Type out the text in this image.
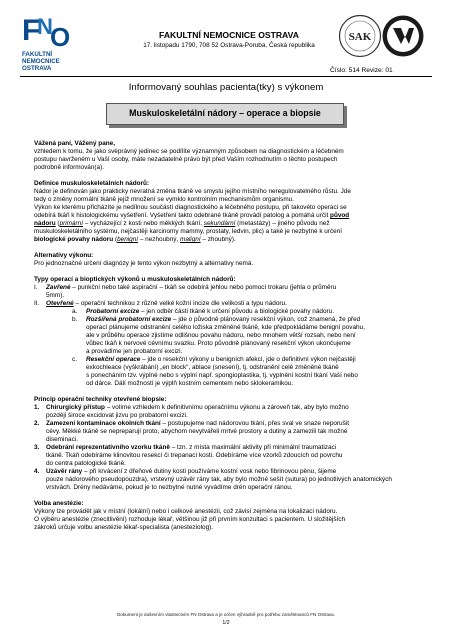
F
N
O
FAKULTNÍ
NEMOCNICE
OSTRAVA
FAKULTNÍ NEMOCNICE OSTRAVA
17. listopadu 1790, 708 52 Ostrava-Poruba, Česká republika
SAK
Číslo: 514 Revize: 01
Informovaný souhlas pacienta(tky) s výkonem
Muskuloskeletální nádory – operace a biopsie
Vážená paní, Vážený pane,
vzhledem k tomu, že jako svéprávný jedinec se podílíte významným způsobem na diagnostickém a léčebném
postupu navrženém u Vaší osoby, máte nezadatelné právo být před Vaším rozhodnutím o těchto postupech
podrobně informován(a).
Definice muskuloskeletálních nádorů:
Nádor je definován jako prakticky nevratná změna tkáně ve smyslu jejího místního neregulovatelného růstu. Jde
tedy o změny normální tkáně jejíž množení se vymklo kontrolním mechanismům organismu.
Výkon ke kterému přicházíte je nedílnou součástí diagnostického a léčebného postupu, při takovéto operaci se
odebírá tkáň k histologickému vyšetření. Vyšetření takto odebrané tkáně provádí patolog a pomáhá určit původ
nádoru (primární – vycházející z kosti nebo měkkých tkání, sekundární (metastázy) – jiného původu než
muskuloskeletálního systému, nejčastěji karcinomy mammy, prostaty, ledvin, plic) a také je nezbytné k určení
biologické povahy nádoru (benigní – nezhoubný, maligní – zhoubný).
Alternativy výkonu:
Pro jednoznačné určení diagnózy je tento výkon nezbytný a alternativy nemá.
Typy operací a bioptických výkonů u muskuloskeletálních nádorů:
I.	Zavřené – punkční nebo také aspirační – tkáň se odebírá jehlou nebo pomocí trokaru (jehla o průměru
5mm).
II.	Otevřené – operační technikou z různě velké kožní incize dle velikosti a typu nádoru.
a.	Probatorní excize – jen odběr části tkáně k určení původu a biologické povahy nádoru.
b.	Rozšířená probatorní excize – jde o původně plánovaný resekční výkon, což znamená, že před
operací plánujeme odstranění celého ložiska změněné tkáně, kde předpokládáme benigní povahu,
ale v průběhu operace zjistíme odlišnou povahu nádoru, nebo mnohem větší rozsah, nebo není
vůbec tkáň k nervové cévnímu svazku. Proto původně plánovaný resekční výkon ukončujeme
a provádíme jen probatorní excizi.
c.	Resekční operace – jde o resekční výkony u benigních afekcí, jde o definitivní výkon nejčastěji
exkochleace (vyškrábání) „en block", ablace (snesení), tj. odstranění celé změněné tkáně
s ponecháním tzv. výplně nebo s výplní např. spongioplastika, tj. vyplnění kostní tkání Vaší nebo
od dárce. Dálí možností je výplň kostním cementem nebo sklokeramikou.
Princip operační techniky otevřené biopsie:
1.	Chirurgický přístup – volíme vzhledem k definitivnímu operačnímu výkonu a zároveň tak, aby bylo možno
později široce excidovat jizvu po probatorní excizi.
2.	Zamezení kontaminace okolních tkání – postupujeme nad nádorovou tkání, přes sval ve snaze neporušit
cévy. Měkké tkáně se nepreparují proto, abychom nevytvářeli mrtvé prostory a dutiny a zamezili tak možné
diseminaci.
3.	Odebrání reprezentativního vzorku tkáně – tzn. z místa maximální aktivity při minimální traumatizaci
tkáně. Tkáň odebíráme klinovitou resekcí či trepanací kosti. Odebíráme více vzorků zdoucích od povrchu
do centra patologické tkáně.
4.	Uzávěr rány – při krvácení z dřeňové dutiny kosti používáme kostní vosk nebo fibrinovou pěnu, šijeme
pouze nádorového pseudopouzdra), vrstevný uzávěr rány tak, aby bylo možné sešít (sutura) po jednotlivých anatomických
vrstvách. Drény nedáváme, pokud je to nezbytné nutné vyvádíme drén operační ránou.
Volba anestézie:
Výkony lze provádět jak v místní (lokální) nebo i celkové anestézii, což závisí zejména na lokalizaci nádoru.
O výběru anestézie (znecitlivění) rozhoduje lékař, většinou již při prvním konzultaci s pacientem. U složitějších
zákroků určuje volbu anestézie lékař-specialista (anesteziolog).
Dokument je duševním vlastnictvím FN Ostrava a je určen výhradně pro potřebu zaměstnanců FN Ostrava.
1/2
